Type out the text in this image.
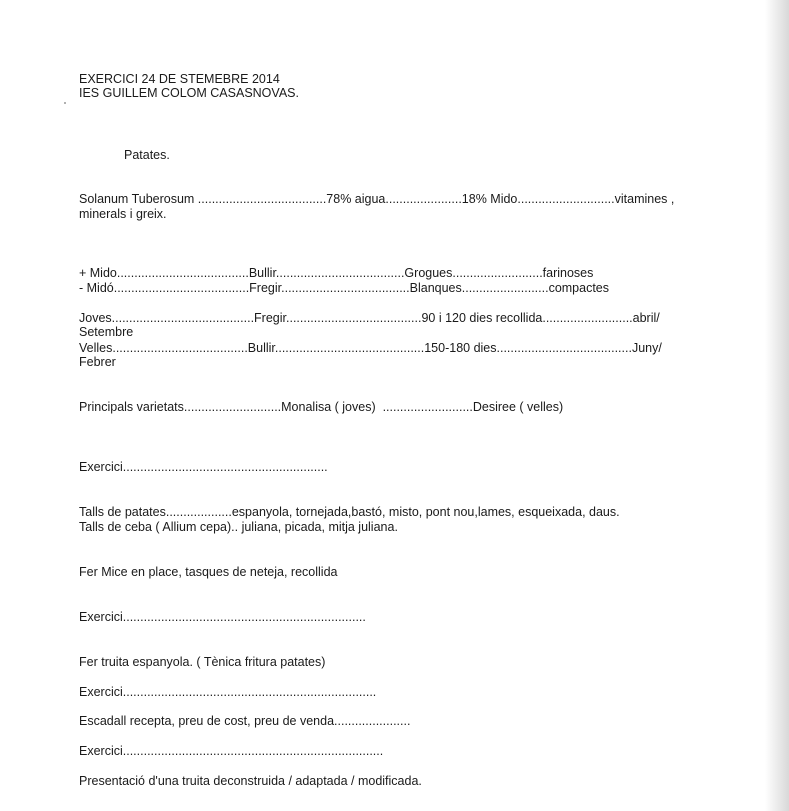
EXERCICI 24 DE STEMEBRE 2014
IES GUILLEM COLOM CASASNOVAS.
Patates.
Solanum Tuberosum .....................................78% aigua......................18% Mido............................vitamines ,
minerals i greix.
+ Mido......................................Bullir.....................................Grogues..........................farinoses
- Midó.......................................Fregir.....................................Blanques.........................compactes
Joves.........................................Fregir.......................................90 i 120 dies recollida..........................abril/
Setembre
Velles.......................................Bullir...........................................150-180 dies.......................................Juny/
Febrer
Principals varietats............................Monalisa ( joves)  ..........................Desiree ( velles)
Exercici...........................................................
Talls de patates...................espanyola, tornejada,bastó, misto, pont nou,lames, esqueixada, daus.
Talls de ceba ( Allium cepa).. juliana, picada, mitja juliana.
Fer Mice en place, tasques de neteja, recollida
Exercici......................................................................
Fer truita espanyola. ( Tènica fritura patates)
Exercici.........................................................................
Escadall recepta, preu de cost, preu de venda......................
Exercici...........................................................................
Presentació d'una truita deconstruida / adaptada / modificada.
